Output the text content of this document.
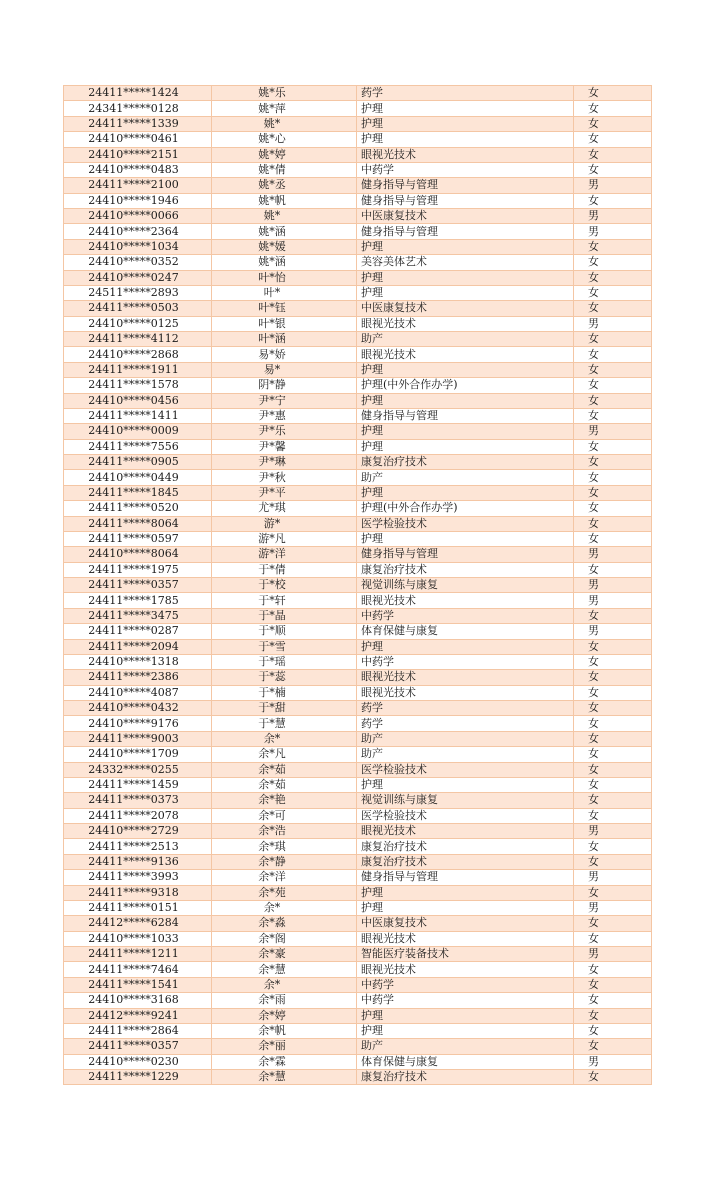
24411*****1424	姚*乐	药学	女
24341*****0128	姚*萍	护理	女
24411*****1339	姚*	护理	女
24410*****0461	姚*心	护理	女
24410*****2151	姚*婷	眼视光技术	女
24410*****0483	姚*倩	中药学	女
24411*****2100	姚*丞	健身指导与管理	男
24410*****1946	姚*帆	健身指导与管理	女
24410*****0066	姚*	中医康复技术	男
24410*****2364	姚*涵	健身指导与管理	男
24410*****1034	姚*媛	护理	女
24410*****0352	姚*涵	美容美体艺术	女
24410*****0247	叶*怡	护理	女
24511*****2893	叶*	护理	女
24411*****0503	叶*钰	中医康复技术	女
24410*****0125	叶*银	眼视光技术	男
24411*****4112	叶*涵	助产	女
24410*****2868	易*娇	眼视光技术	女
24411*****1911	易*	护理	女
24411*****1578	阴*静	护理(中外合作办学)	女
24410*****0456	尹*宁	护理	女
24411*****1411	尹*惠	健身指导与管理	女
24410*****0009	尹*乐	护理	男
24411*****7556	尹*馨	护理	女
24411*****0905	尹*琳	康复治疗技术	女
24410*****0449	尹*秋	助产	女
24411*****1845	尹*平	护理	女
24411*****0520	尤*琪	护理(中外合作办学)	女
24411*****8064	游*	医学检验技术	女
24411*****0597	游*凡	护理	女
24410*****8064	游*洋	健身指导与管理	男
24411*****1975	于*倩	康复治疗技术	女
24411*****0357	于*校	视觉训练与康复	男
24411*****1785	于*轩	眼视光技术	男
24411*****3475	于*晶	中药学	女
24411*****0287	于*顺	体育保健与康复	男
24411*****2094	于*雪	护理	女
24410*****1318	于*瑶	中药学	女
24411*****2386	于*蕊	眼视光技术	女
24410*****4087	于*楠	眼视光技术	女
24410*****0432	于*甜	药学	女
24410*****9176	于*慧	药学	女
24411*****9003	余*	助产	女
24410*****1709	余*凡	助产	女
24332*****0255	余*茹	医学检验技术	女
24411*****1459	余*茹	护理	女
24411*****0373	余*艳	视觉训练与康复	女
24411*****2078	余*可	医学检验技术	女
24410*****2729	余*浩	眼视光技术	男
24411*****2513	余*琪	康复治疗技术	女
24411*****9136	余*静	康复治疗技术	女
24411*****3993	余*洋	健身指导与管理	男
24411*****9318	余*苑	护理	女
24411*****0151	余*	护理	男
24412*****6284	余*淼	中医康复技术	女
24410*****1033	余*阁	眼视光技术	女
24411*****1211	余*豪	智能医疗装备技术	男
24411*****7464	余*慧	眼视光技术	女
24411*****1541	余*	中药学	女
24410*****3168	余*雨	中药学	女
24412*****9241	余*婷	护理	女
24411*****2864	余*帆	护理	女
24411*****0357	余*丽	助产	女
24410*****0230	余*霖	体育保健与康复	男
24411*****1229	余*慧	康复治疗技术	女
